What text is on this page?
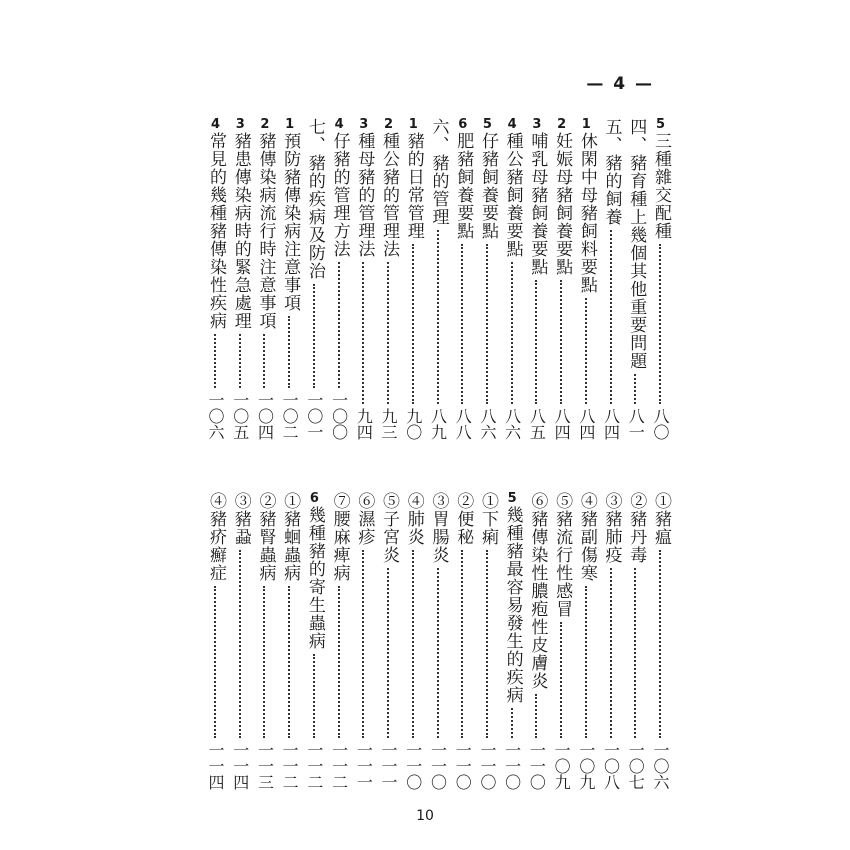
— 4 —
5
三種雜交配種
八〇
四、豬育種上幾個其他重要問題
八一
五、豬的飼養
八四
1
休閑中母豬飼料要點
八四
2
妊娠母豬飼養要點
八四
3
哺乳母豬飼養要點
八五
4
種公豬飼養要點
八六
5
仔豬飼養要點
八六
6
肥豬飼養要點
八八
六、豬的管理
八九
1
豬的日常管理
九〇
2
種公豬的管理法
九三
3
種母豬的管理法
九四
4
仔豬的管理方法
一〇〇
七、豬的疾病及防治
一〇一
1
預防豬傳染病注意事項
一〇二
2
豬傳染病流行時注意事項
一〇四
3
豬患傳染病時的緊急處理
一〇五
4
常見的幾種豬傳染性疾病
一〇六
①豬瘟
一〇六
②豬丹毒
一〇七
③豬肺疫
一〇八
④豬副傷寒
一〇九
⑤豬流行性感冒
一〇九
⑥豬傳染性膿疱性皮膚炎
一一〇
5
幾種豬最容易發生的疾病
一一〇
①下痢
一一〇
②便秘
一一〇
③胃腸炎
一一〇
④肺炎
一一〇
⑤子宮炎
一一一
⑥濕疹
一一一
⑦腰麻痺病
一一二
6
幾種豬的寄生蟲病
一一二
①豬蛔蟲病
一一二
②豬腎蟲病
一一三
③豬蝨
一一四
④豬疥癬症
一一四
10
